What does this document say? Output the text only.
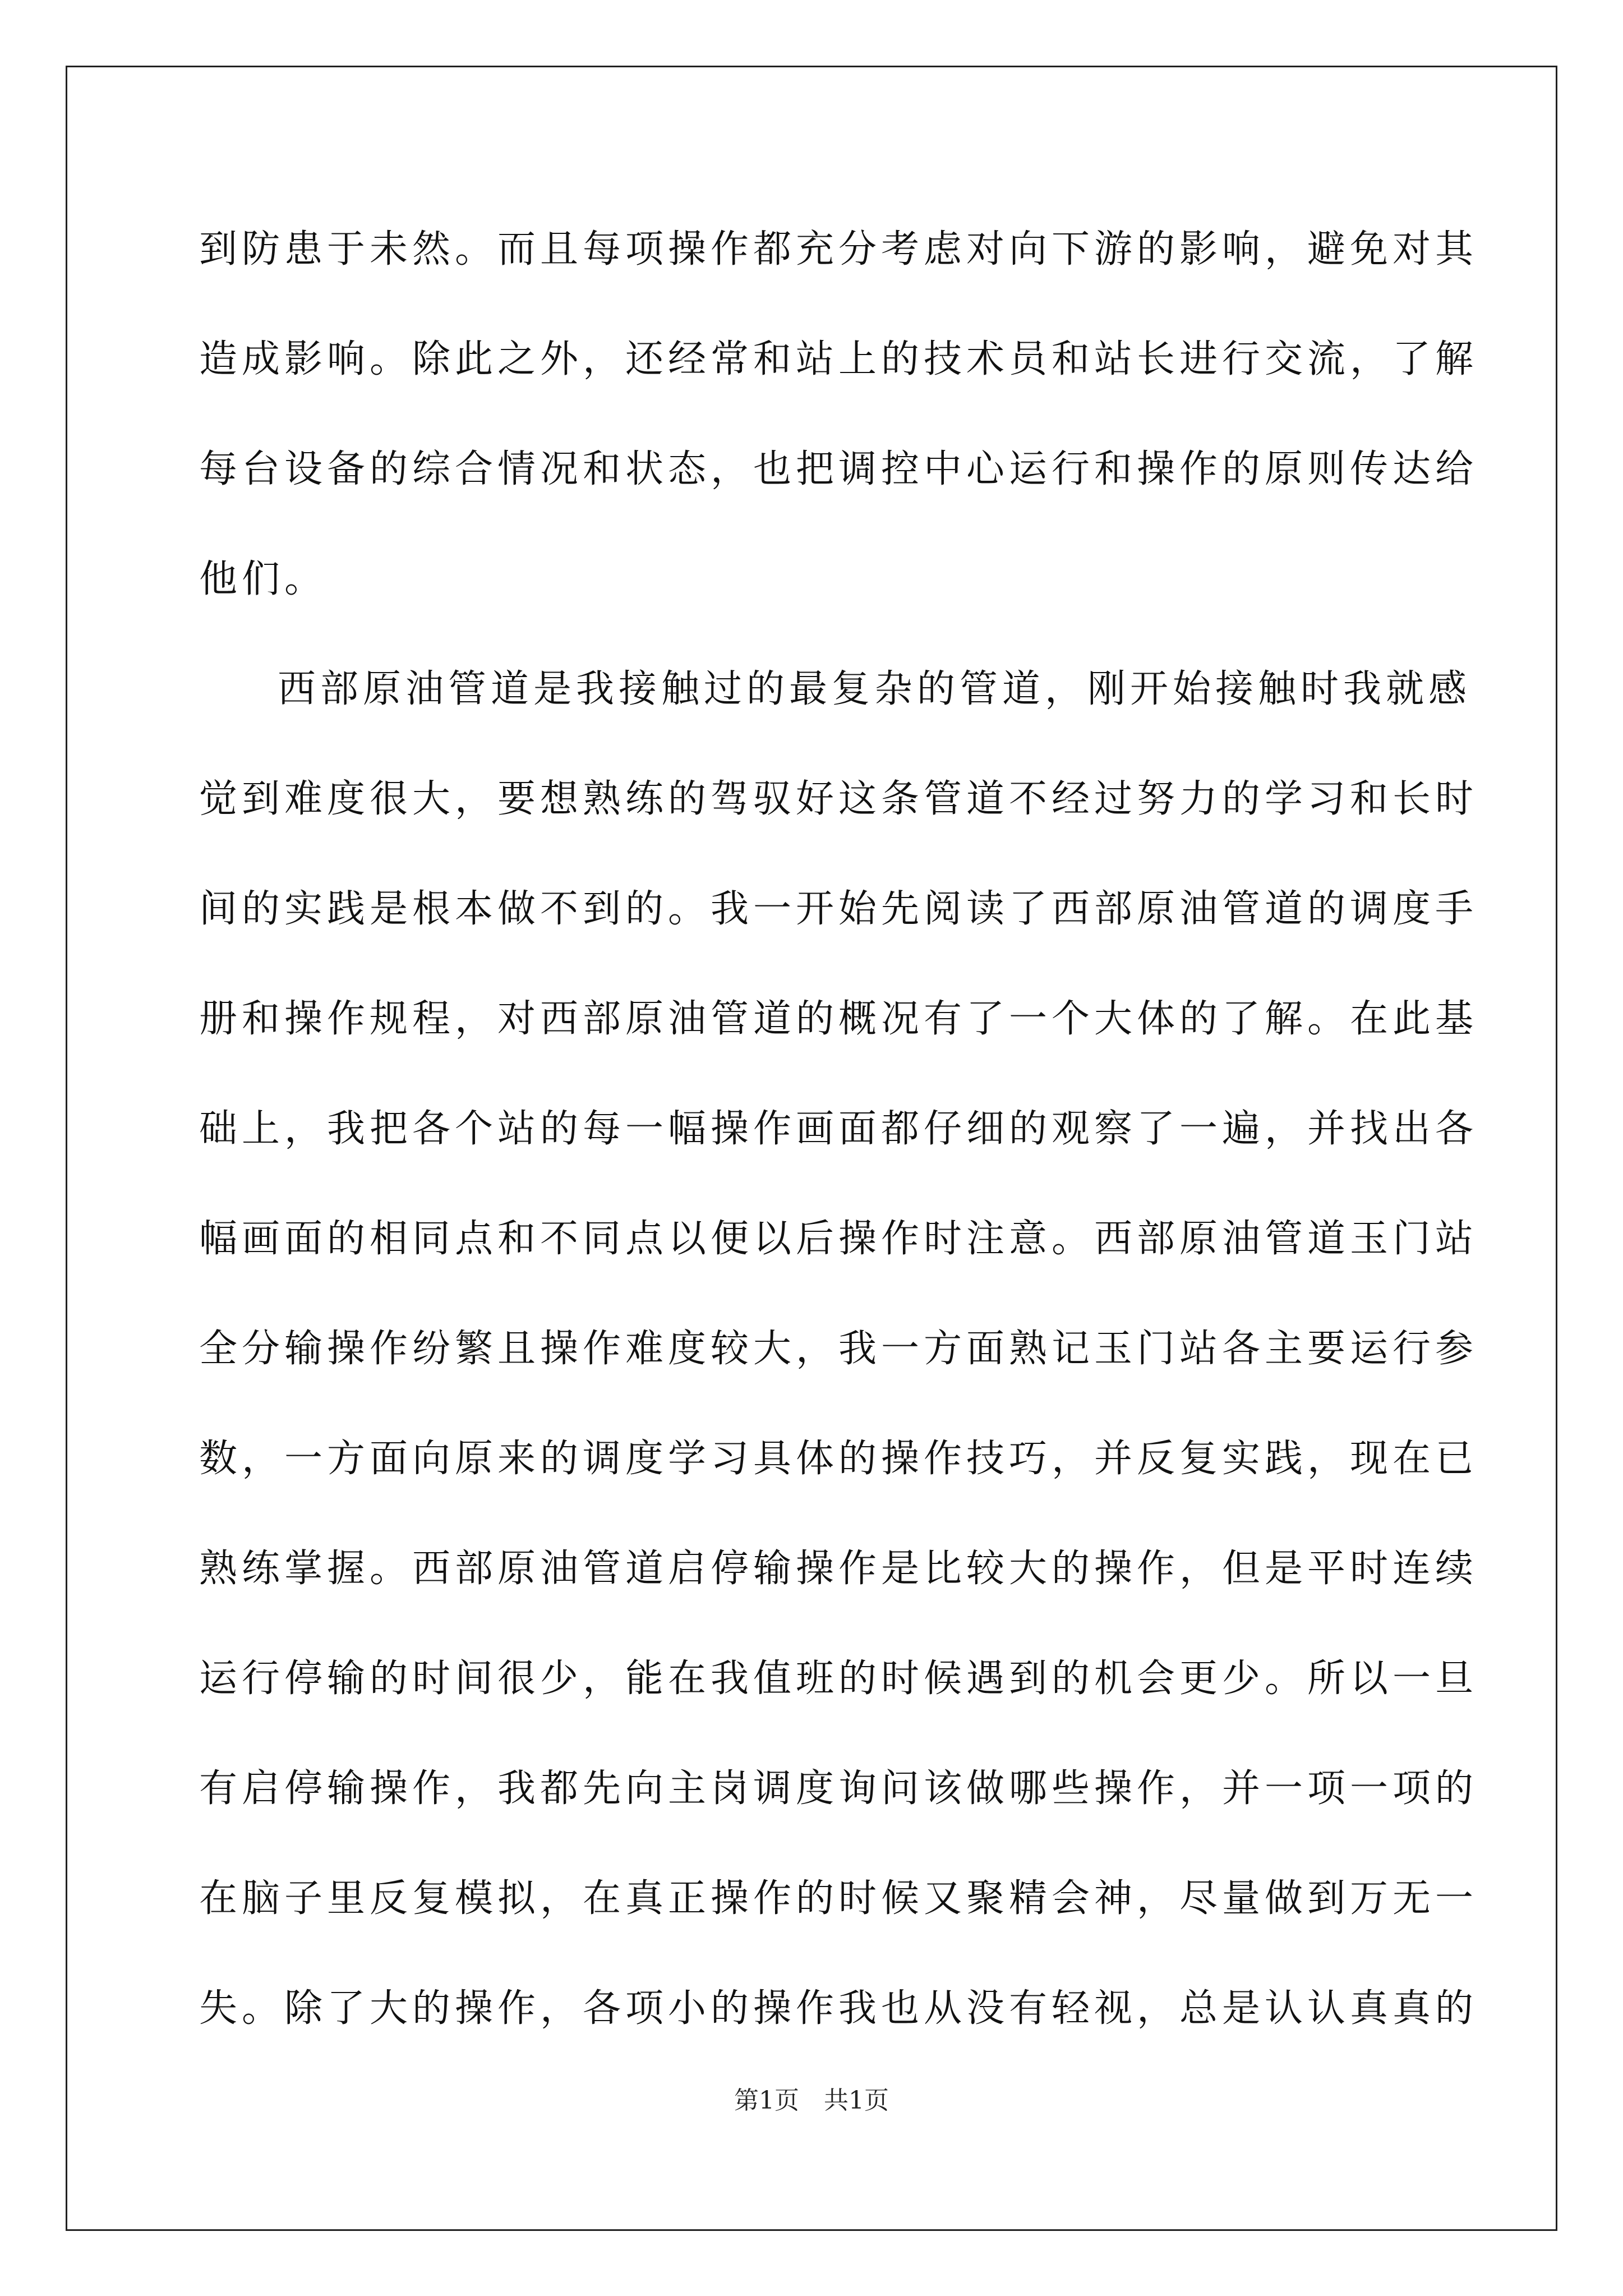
到防患于未然。而且每项操作都充分考虑对向下游的影响，避免对其
造成影响。除此之外，还经常和站上的技术员和站长进行交流，了解
每台设备的综合情况和状态，也把调控中心运行和操作的原则传达给
他们。
西部原油管道是我接触过的最复杂的管道，刚开始接触时我就感
觉到难度很大，要想熟练的驾驭好这条管道不经过努力的学习和长时
间的实践是根本做不到的。我一开始先阅读了西部原油管道的调度手
册和操作规程，对西部原油管道的概况有了一个大体的了解。在此基
础上，我把各个站的每一幅操作画面都仔细的观察了一遍，并找出各
幅画面的相同点和不同点以便以后操作时注意。西部原油管道玉门站
全分输操作纷繁且操作难度较大，我一方面熟记玉门站各主要运行参
数，一方面向原来的调度学习具体的操作技巧，并反复实践，现在已
熟练掌握。西部原油管道启停输操作是比较大的操作，但是平时连续
运行停输的时间很少，能在我值班的时候遇到的机会更少。所以一旦
有启停输操作，我都先向主岗调度询问该做哪些操作，并一项一项的
在脑子里反复模拟，在真正操作的时候又聚精会神，尽量做到万无一
失。除了大的操作，各项小的操作我也从没有轻视，总是认认真真的
第1页　共1页
